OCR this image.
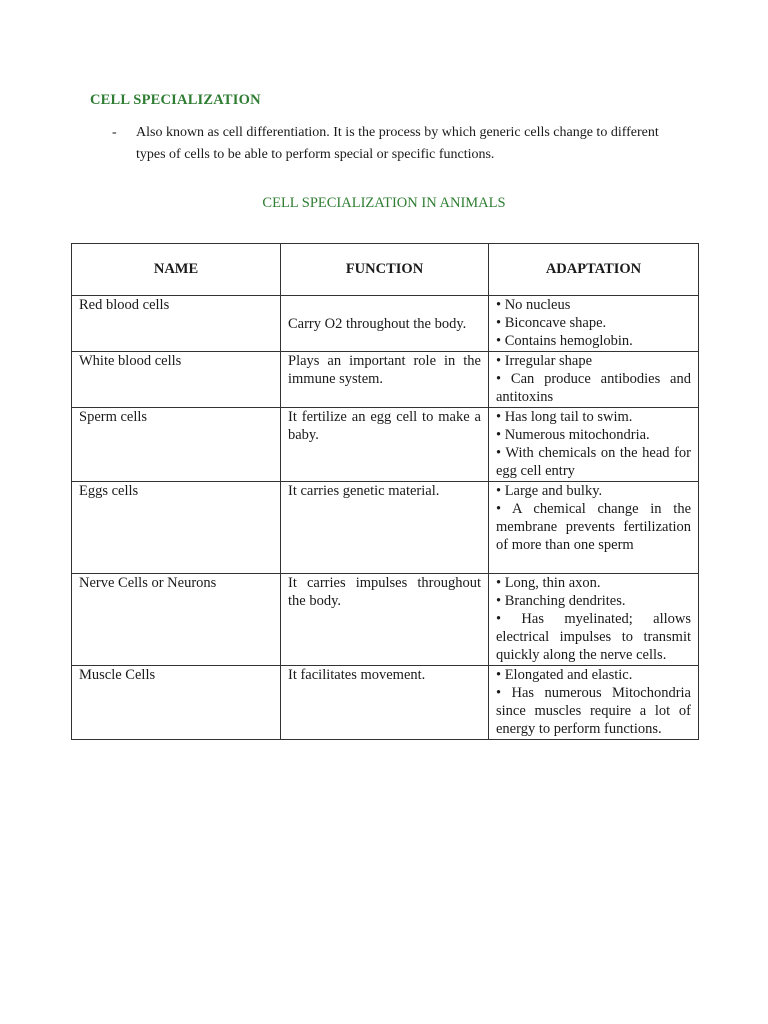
CELL SPECIALIZATION
- Also known as cell differentiation. It is the process by which generic cells change to different types of cells to be able to perform special or specific functions.
CELL SPECIALIZATION IN ANIMALS
NAME	FUNCTION	ADAPTATION
Red blood cells	Carry O2 throughout the body.	• No nucleus
• Biconcave shape.
• Contains hemoglobin.

White blood cells	Plays an important role in the immune system.	• Irregular shape
• Can produce antibodies and antitoxins

Sperm cells	It fertilize an egg cell to make a baby.	• Has long tail to swim.
• Numerous mitochondria.
• With chemicals on the head for egg cell entry

Eggs cells	It carries genetic material.	• Large and bulky.
• A chemical change in the membrane prevents fertilization of more than one sperm

Nerve Cells or Neurons	It carries impulses throughout the body.	• Long, thin axon.
• Branching dendrites.
• Has myelinated; allows electrical impulses to transmit quickly along the nerve cells.

Muscle Cells	It facilitates movement.	• Elongated and elastic.
• Has numerous Mitochondria since muscles require a lot of energy to perform functions.
